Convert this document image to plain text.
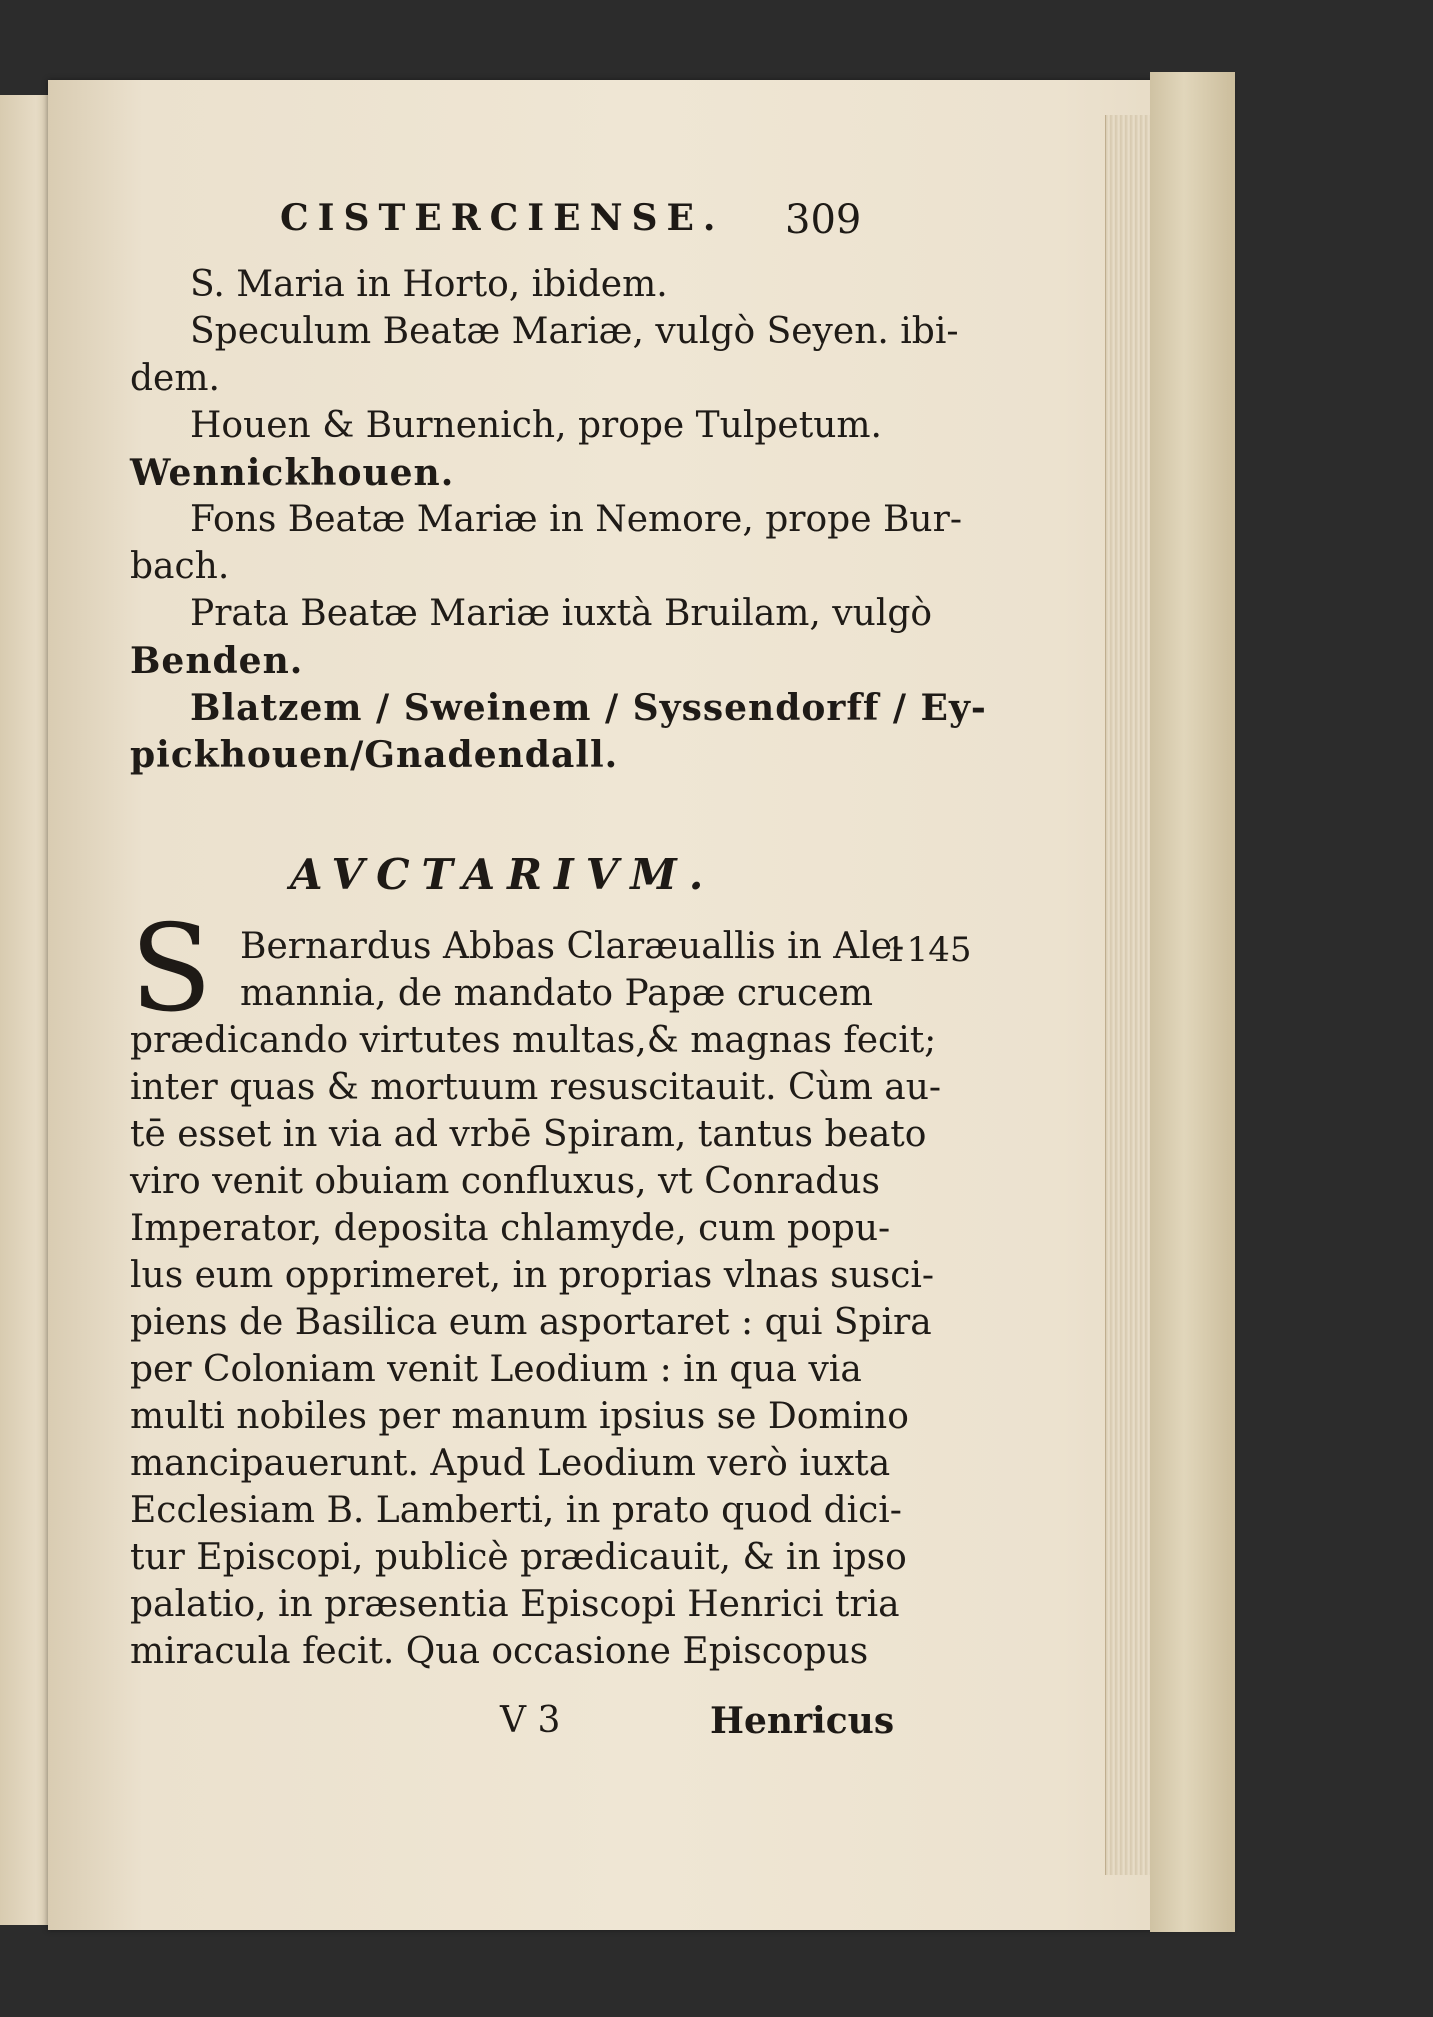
CISTERCIENSE. 309
S. Maria in Horto, ibidem.
Speculum Beatæ Mariæ, vulgò Seyen. ibi-
dem.
Houen & Burnenich, prope Tulpetum.
Wennickhouen.
Fons Beatæ Mariæ in Nemore, prope Bur-
bach.
Prata Beatæ Mariæ iuxtà Bruilam, vulgò
Benden.
Blatzem / Sweinem / Syssendorff / Ey-
pickhouen/Gnadendall.
AVCTARIVM.
S	1145
Bernardus Abbas Claræuallis in Ale-
mannia, de mandato Papæ crucem
prædicando virtutes multas,& magnas fecit;
inter quas & mortuum resuscitauit. Cùm au-
tē esset in via ad vrbē Spiram, tantus beato
viro venit obuiam confluxus, vt Conradus
Imperator, deposita chlamyde, cum popu-
lus eum opprimeret, in proprias vlnas susci-
piens de Basilica eum asportaret : qui Spira
per Coloniam venit Leodium : in qua via
multi nobiles per manum ipsius se Domino
mancipauerunt. Apud Leodium verò iuxta
Ecclesiam B. Lamberti, in prato quod dici-
tur Episcopi, publicè prædicauit, & in ipso
palatio, in præsentia Episcopi Henrici tria
miracula fecit. Qua occasione Episcopus
V 3	Henricus
